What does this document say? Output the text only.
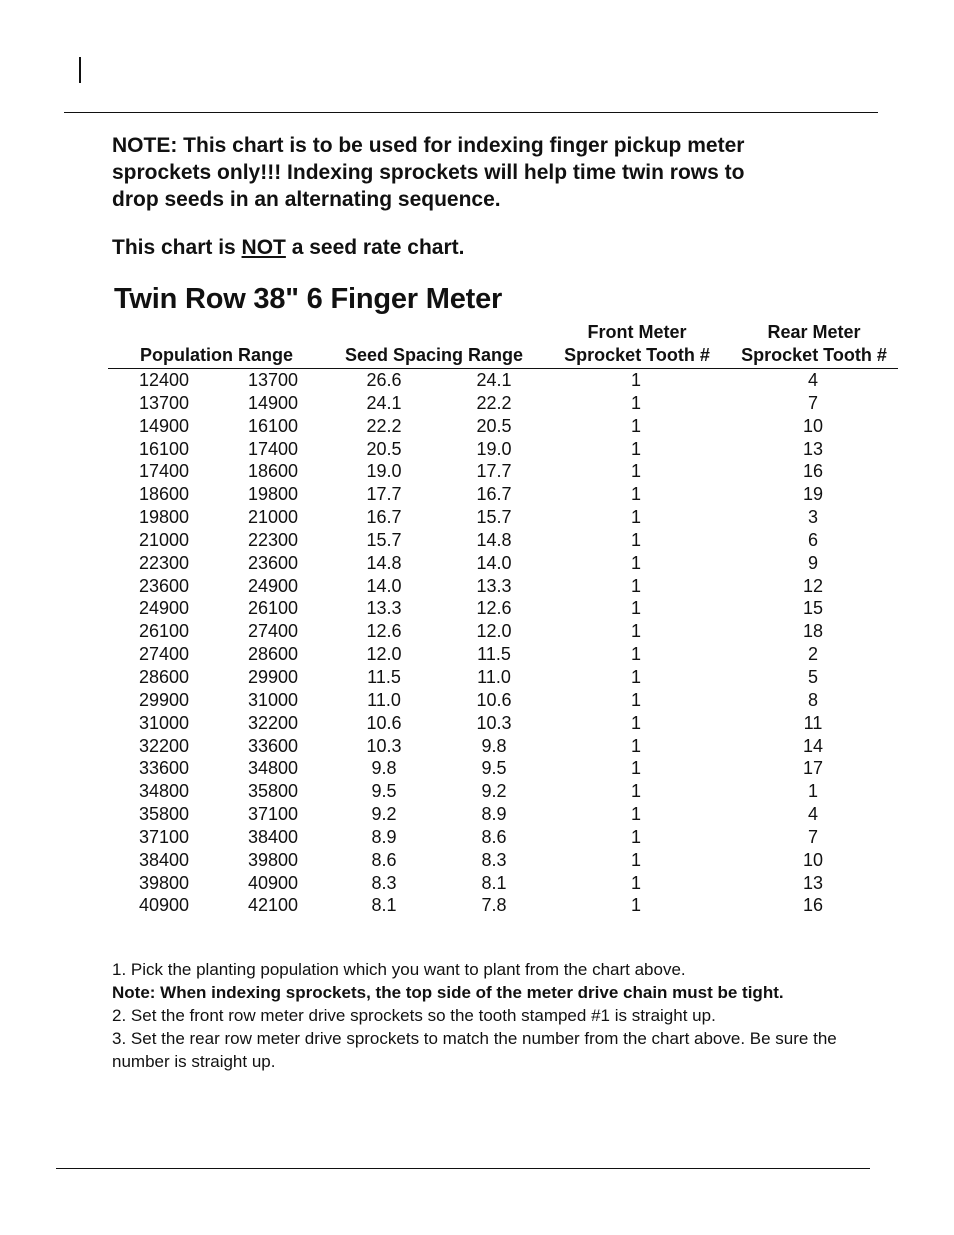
NOTE: This chart is to be used for indexing finger pickup meter
sprockets only!!! Indexing sprockets will help time twin rows to
drop seeds in an alternating sequence.
This chart is NOT a seed rate chart.
Twin Row 38" 6 Finger Meter
Population Range	Seed Spacing Range
Front Meter
Sprocket Tooth #
Rear Meter
Sprocket Tooth #
12400	13700	26.6	24.1	1	4
13700	14900	24.1	22.2	1	7
14900	16100	22.2	20.5	1	10
16100	17400	20.5	19.0	1	13
17400	18600	19.0	17.7	1	16
18600	19800	17.7	16.7	1	19
19800	21000	16.7	15.7	1	3
21000	22300	15.7	14.8	1	6
22300	23600	14.8	14.0	1	9
23600	24900	14.0	13.3	1	12
24900	26100	13.3	12.6	1	15
26100	27400	12.6	12.0	1	18
27400	28600	12.0	11.5	1	2
28600	29900	11.5	11.0	1	5
29900	31000	11.0	10.6	1	8
31000	32200	10.6	10.3	1	11
32200	33600	10.3	9.8	1	14
33600	34800	9.8	9.5	1	17
34800	35800	9.5	9.2	1	1
35800	37100	9.2	8.9	1	4
37100	38400	8.9	8.6	1	7
38400	39800	8.6	8.3	1	10
39800	40900	8.3	8.1	1	13
40900	42100	8.1	7.8	1	16

1. Pick the planting population which you want to plant from the chart above.

Note: When indexing sprockets, the top side of the meter drive chain must be tight.

2. Set the front row meter drive sprockets so the tooth stamped #1 is straight up.

3. Set the rear row meter drive sprockets to match the number from the chart above. Be sure the number is straight up.
